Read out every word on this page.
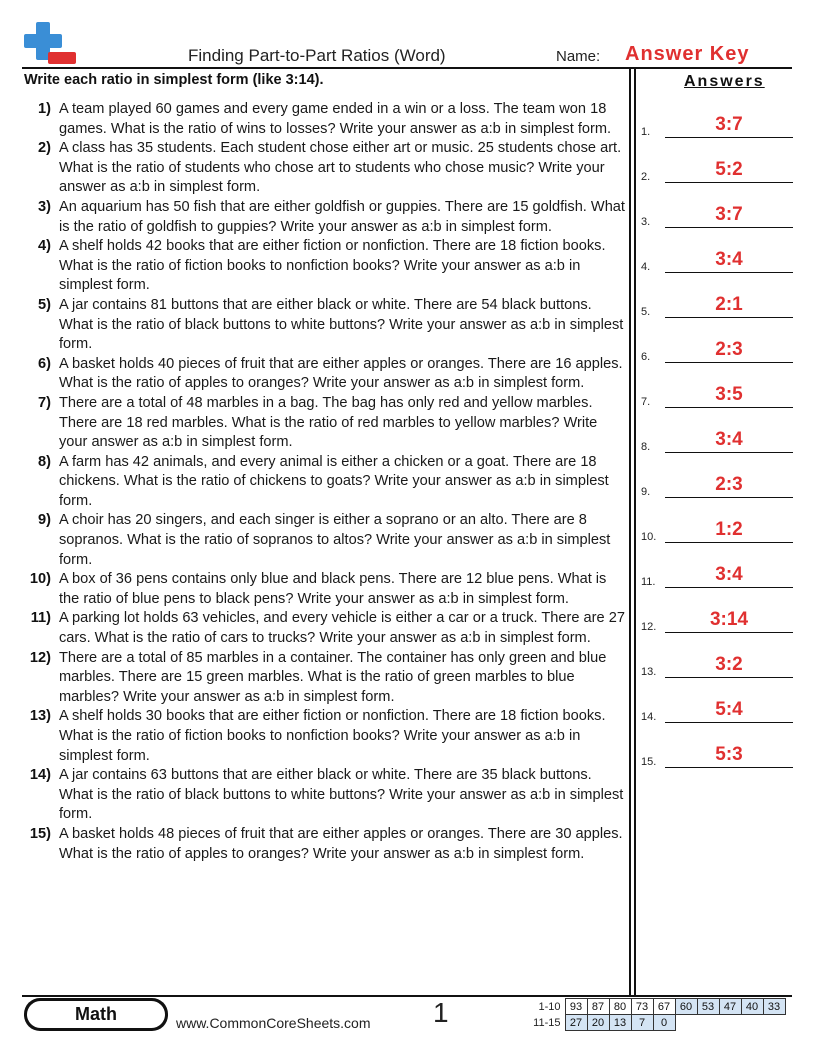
Finding Part-to-Part Ratios (Word)	Name: Answer Key
Write each ratio in simplest form (like 3:14).
1) A team played 60 games and every game ended in a win or a loss. The team won 18 games. What is the ratio of wins to losses? Write your answer as a:b in simplest form.
2) A class has 35 students. Each student chose either art or music. 25 students chose art. What is the ratio of students who chose art to students who chose music? Write your answer as a:b in simplest form.
3) An aquarium has 50 fish that are either goldfish or guppies. There are 15 goldfish. What is the ratio of goldfish to guppies? Write your answer as a:b in simplest form.
4) A shelf holds 42 books that are either fiction or nonfiction. There are 18 fiction books. What is the ratio of fiction books to nonfiction books? Write your answer as a:b in simplest form.
5) A jar contains 81 buttons that are either black or white. There are 54 black buttons. What is the ratio of black buttons to white buttons? Write your answer as a:b in simplest form.
6) A basket holds 40 pieces of fruit that are either apples or oranges. There are 16 apples. What is the ratio of apples to oranges? Write your answer as a:b in simplest form.
7) There are a total of 48 marbles in a bag. The bag has only red and yellow marbles. There are 18 red marbles. What is the ratio of red marbles to yellow marbles? Write your answer as a:b in simplest form.
8) A farm has 42 animals, and every animal is either a chicken or a goat. There are 18 chickens. What is the ratio of chickens to goats? Write your answer as a:b in simplest form.
9) A choir has 20 singers, and each singer is either a soprano or an alto. There are 8 sopranos. What is the ratio of sopranos to altos? Write your answer as a:b in simplest form.
10) A box of 36 pens contains only blue and black pens. There are 12 blue pens. What is the ratio of blue pens to black pens? Write your answer as a:b in simplest form.
11) A parking lot holds 63 vehicles, and every vehicle is either a car or a truck. There are 27 cars. What is the ratio of cars to trucks? Write your answer as a:b in simplest form.
12) There are a total of 85 marbles in a container. The container has only green and blue marbles. There are 15 green marbles. What is the ratio of green marbles to blue marbles? Write your answer as a:b in simplest form.
13) A shelf holds 30 books that are either fiction or nonfiction. There are 18 fiction books. What is the ratio of fiction books to nonfiction books? Write your answer as a:b in simplest form.
14) A jar contains 63 buttons that are either black or white. There are 35 black buttons. What is the ratio of black buttons to white buttons? Write your answer as a:b in simplest form.
15) A basket holds 48 pieces of fruit that are either apples or oranges. There are 30 apples. What is the ratio of apples to oranges? Write your answer as a:b in simplest form.
Answers
1.	3:7
2.	5:2
3.	3:7
4.	3:4
5.	2:1
6.	2:3
7.	3:5
8.	3:4
9.	2:3
10.	1:2
11.	3:4
12.	3:14
13.	3:2
14.	5:4
15.	5:3
Math	www.CommonCoreSheets.com 1	1-10	93	87	80	73	67	60	53	47	40	33
11-15	27	20	13	7	0					
